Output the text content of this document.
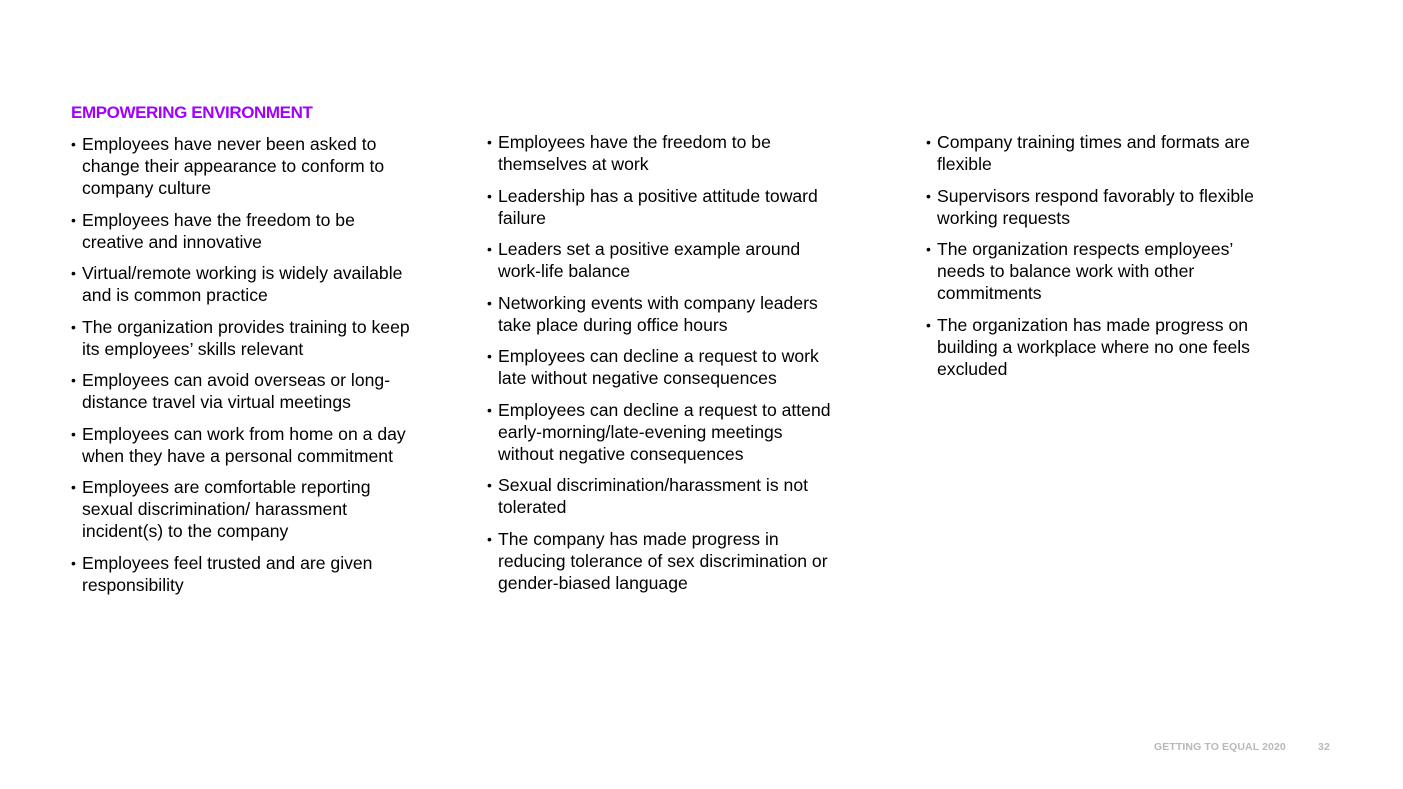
EMPOWERING ENVIRONMENT
• Employees have never been asked to change their appearance to conform to company culture
• Employees have the freedom to be creative and innovative
• Virtual/remote working is widely available and is common practice
• The organization provides training to keep its employees’ skills relevant
• Employees can avoid overseas or long-distance travel via virtual meetings
• Employees can work from home on a day when they have a personal commitment
• Employees are comfortable reporting sexual discrimination/ harassment incident(s) to the company
• Employees feel trusted and are given responsibility
• Employees have the freedom to be themselves at work
• Leadership has a positive attitude toward failure
• Leaders set a positive example around work-life balance
• Networking events with company leaders take place during office hours
• Employees can decline a request to work late without negative consequences
• Employees can decline a request to attend early-morning/late-evening meetings without negative consequences
• Sexual discrimination/harassment is not tolerated
• The company has made progress in reducing tolerance of sex discrimination or gender-biased language
• Company training times and formats are flexible
• Supervisors respond favorably to flexible working requests
• The organization respects employees’ needs to balance work with other commitments
• The organization has made progress on building a workplace where no one feels excluded
GETTING TO EQUAL 2020	32
